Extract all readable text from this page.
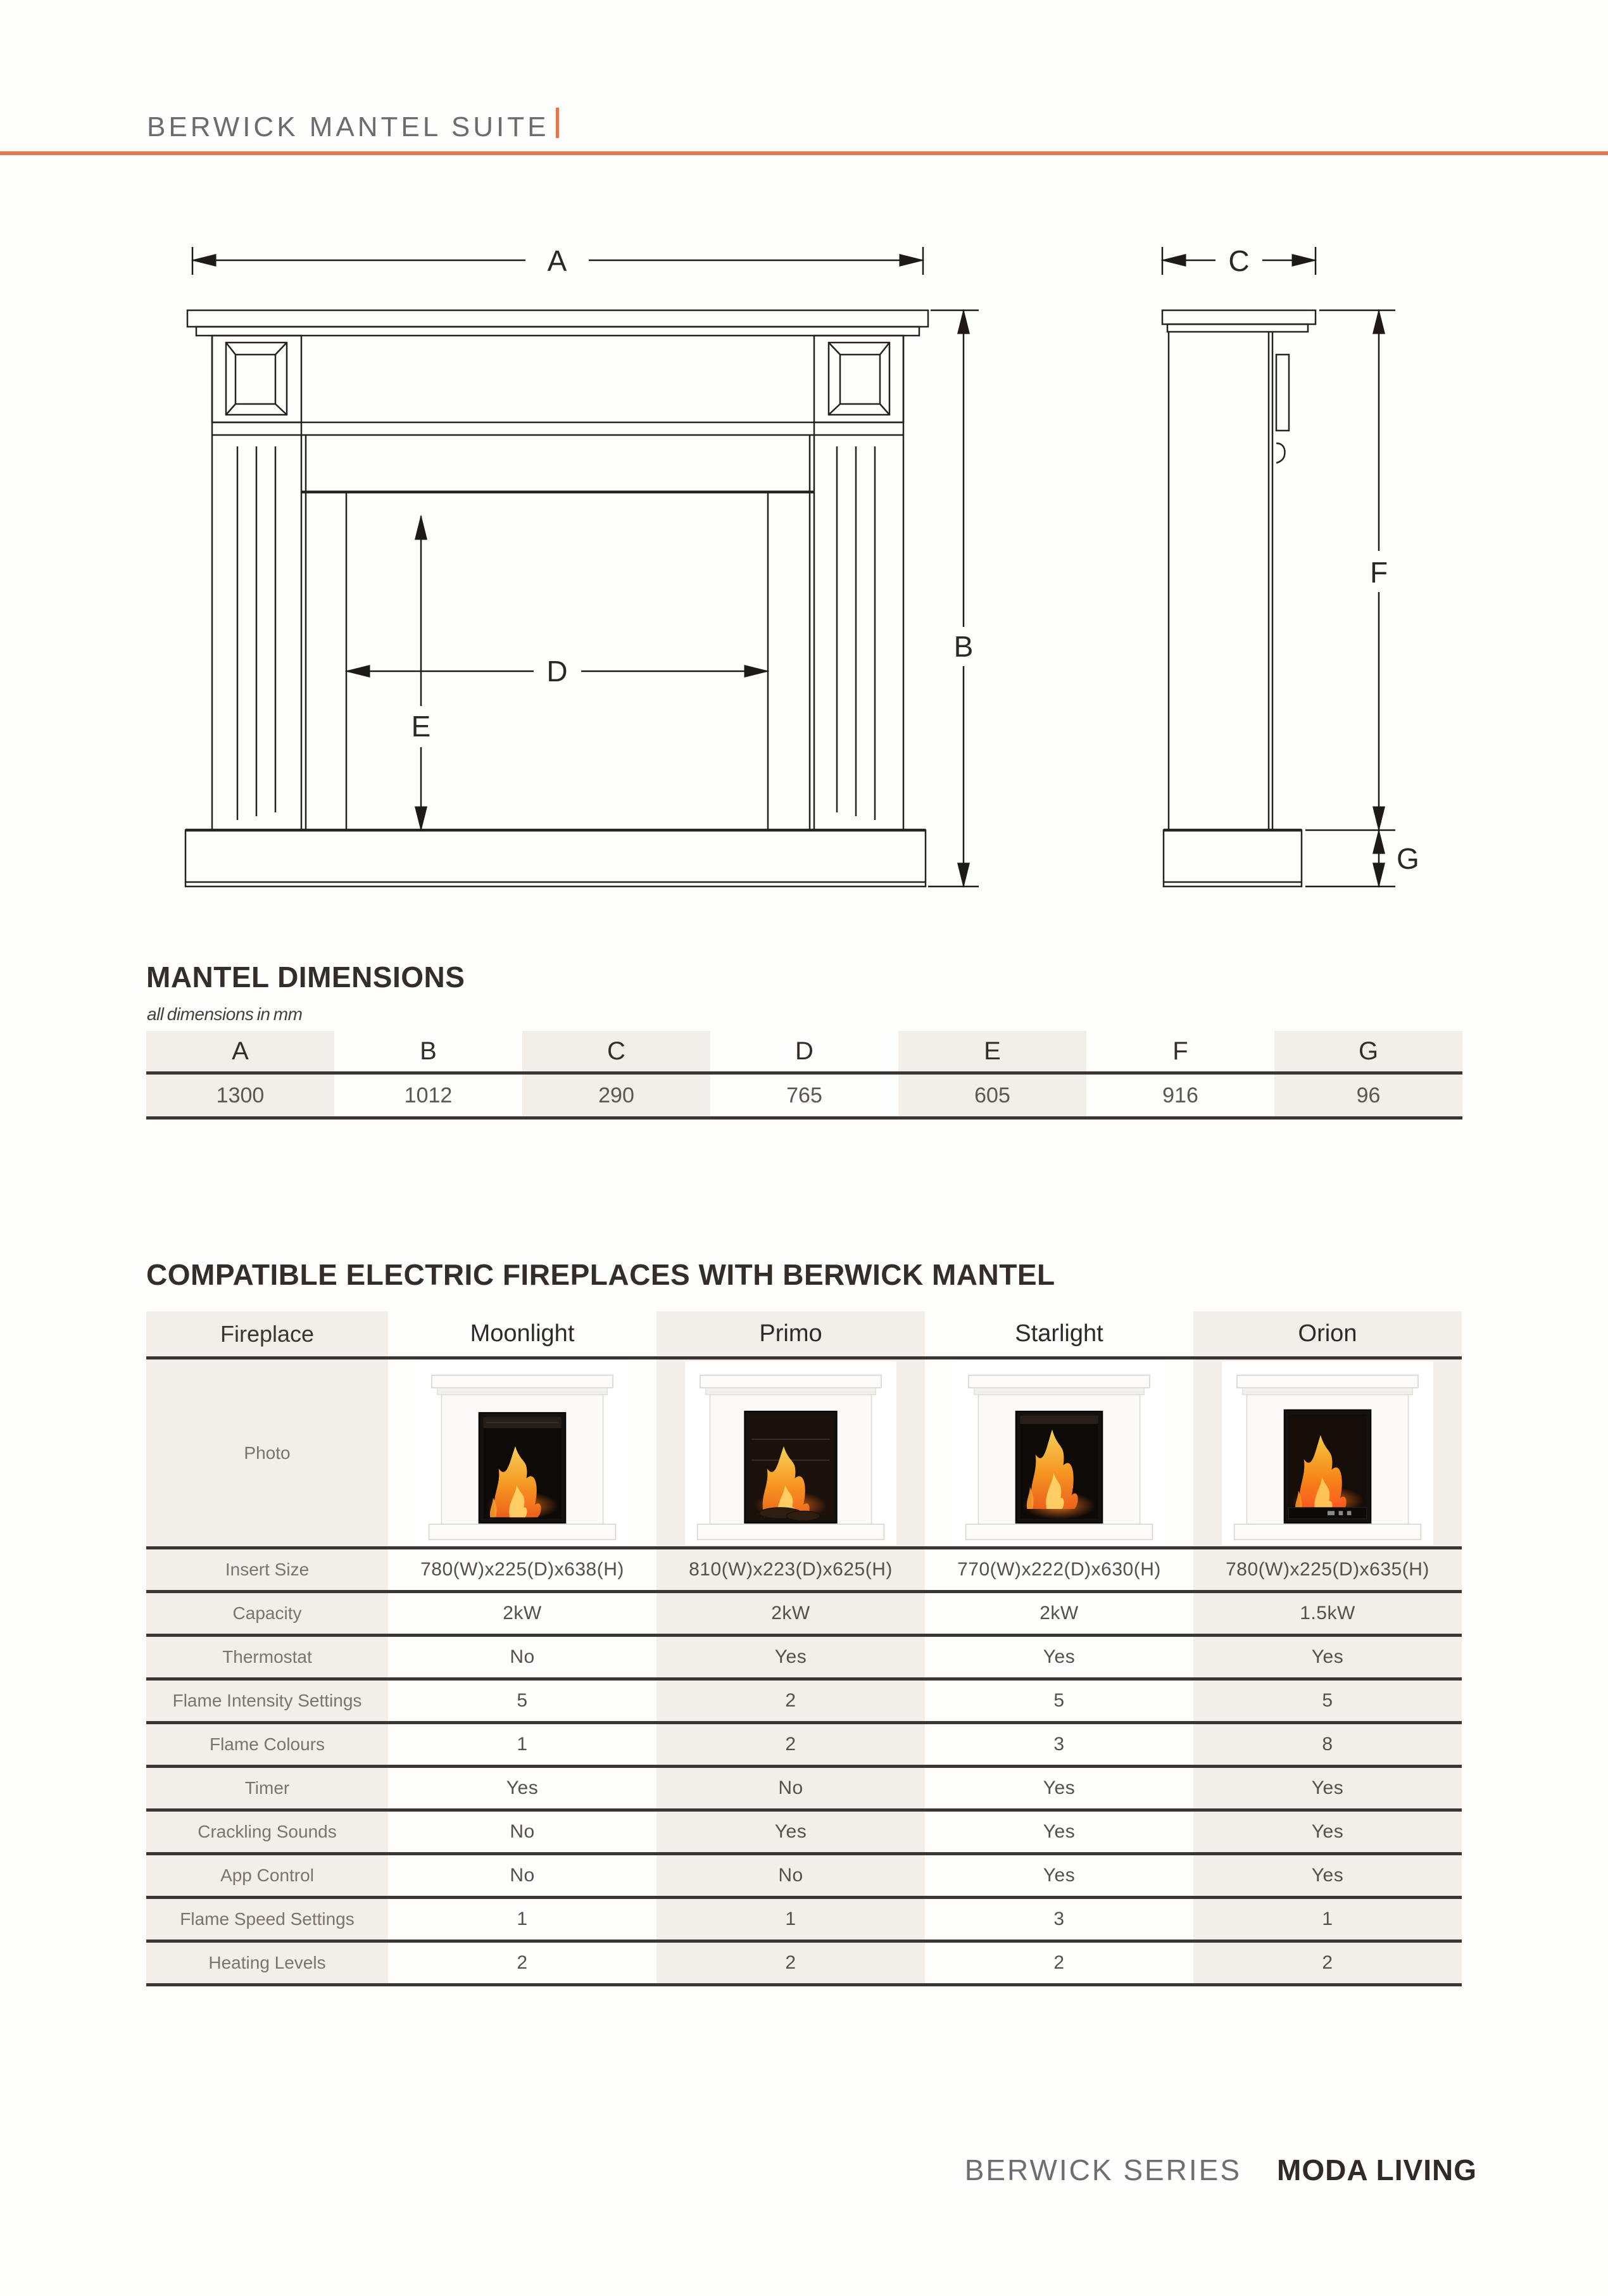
BERWICK MANTEL SUITE
A
B
D
E
C
F
G
MANTEL DIMENSIONS
all dimensions in mm
A	B	C	D	E	F	G
1300	1012	290	765	605	916	96
COMPATIBLE ELECTRIC FIREPLACES WITH BERWICK MANTEL
Fireplace	Moonlight	Primo	Starlight	Orion
Photo
Insert Size	780(W)x225(D)x638(H)	810(W)x223(D)x625(H)	770(W)x222(D)x630(H)	780(W)x225(D)x635(H)
Capacity	2kW	2kW	2kW	1.5kW
Thermostat	No	Yes	Yes	Yes
Flame Intensity Settings	5	2	5	5
Flame Colours	1	2	3	8
Timer	Yes	No	Yes	Yes
Crackling Sounds	No	Yes	Yes	Yes
App Control	No	No	Yes	Yes
Flame Speed Settings	1	1	3	1
Heating Levels	2	2	2	2
BERWICK SERIES MODA LIVING
